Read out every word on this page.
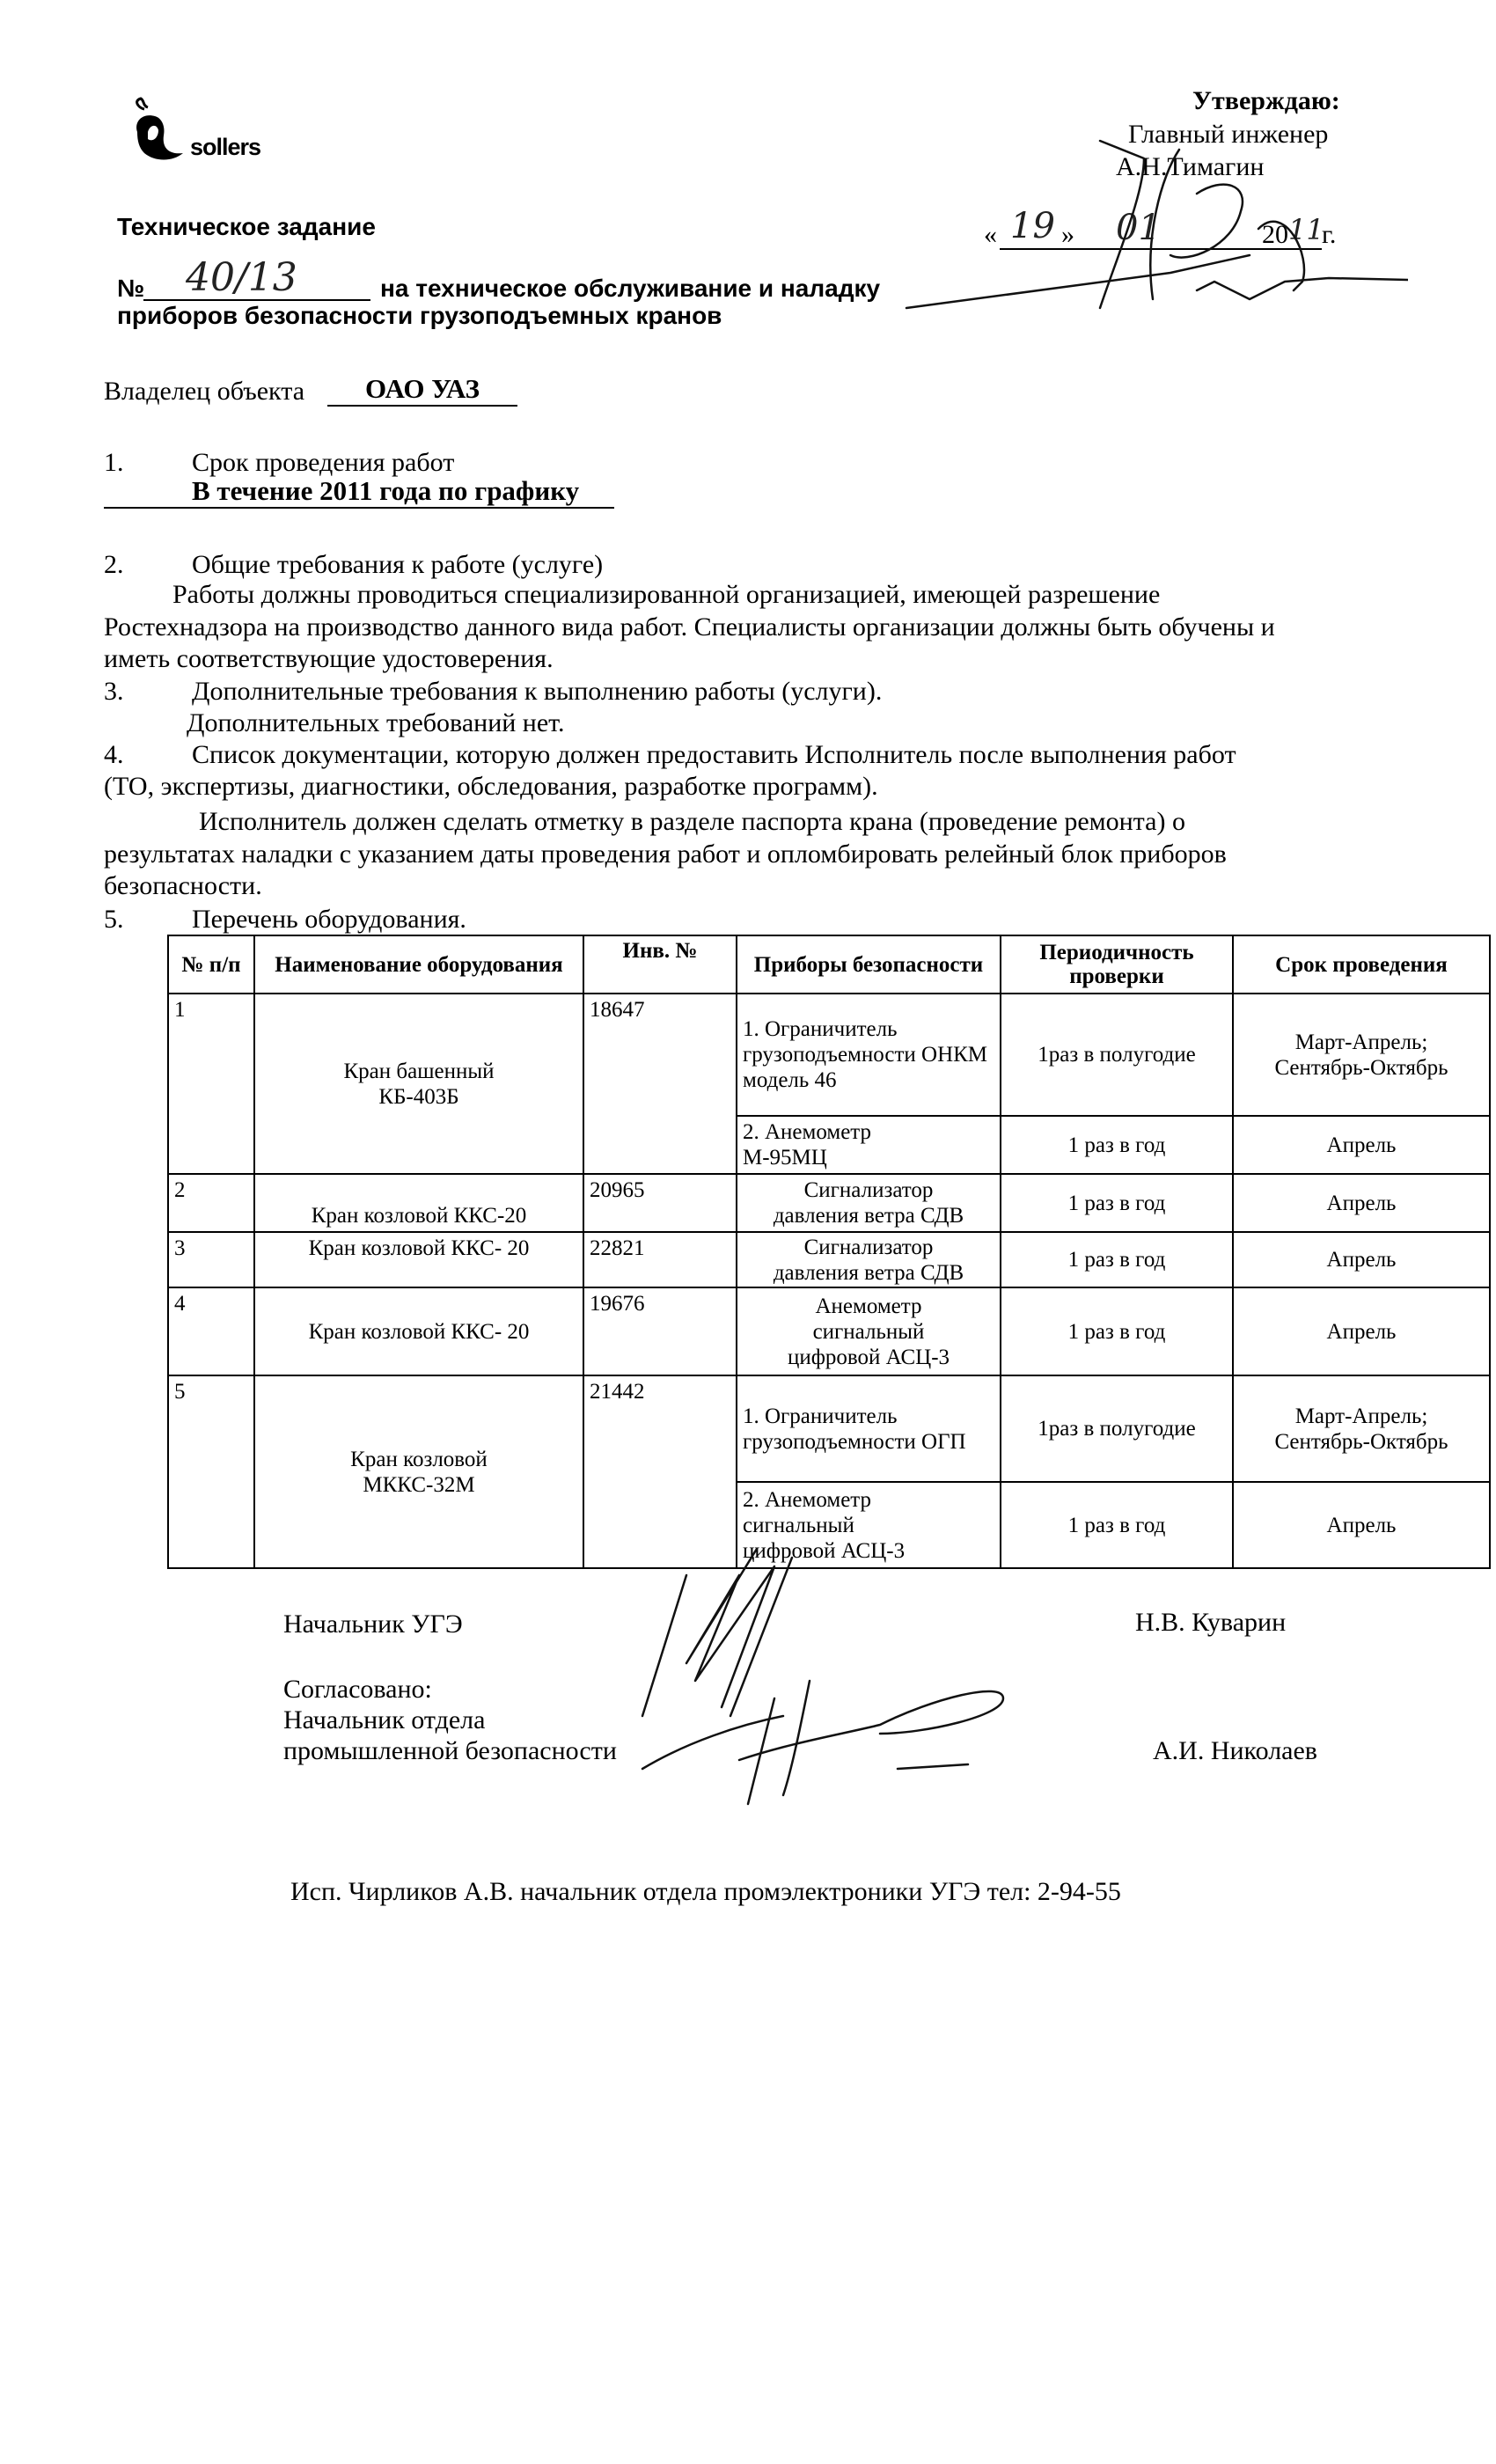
sollers
Утверждаю:
Главный инженер
А.Н.Тимагин
« 19 » 01	20 11
г.
Техническое задание
№ 40/13	на техническое обслуживание и наладку
приборов безопасности грузоподъемных кранов
Владелец объекта	ОАО УАЗ
1.	Срок проведения работ
В течение 2011 года по графику
2.	Общие требования к работе (услуге)
Работы должны проводиться специализированной организацией, имеющей разрешение
Ростехнадзора на производство данного вида работ. Специалисты организации должны быть обучены и
иметь соответствующие удостоверения.
3.	Дополнительные требования к выполнению работы (услуги).
Дополнительных требований нет.
4.	Список документации, которую должен предоставить Исполнитель после выполнения работ
(ТО, экспертизы, диагностики, обследования, разработке программ).
Исполнитель должен сделать отметку в разделе паспорта крана (проведение ремонта) о
результатах наладки с указанием даты проведения работ и опломбировать релейный блок приборов
безопасности.
5.	Перечень оборудования.
№ п/п	Наименование оборудования	Инв. №	Приборы безопасности	Периодичность проверки	Срок проведения
1	Кран башенный КБ-403Б	18647	1. Ограничитель грузоподъемности ОНКМ модель 46	1раз в полугодие	Март-Апрель; Сентябрь-Октябрь
			2. Анемометр М-95МЦ	1 раз в год	Апрель
2	Кран козловой ККС-20	20965	Сигнализатор давления ветра СДВ	1 раз в год	Апрель
3	Кран козловой ККС- 20	22821	Сигнализатор давления ветра СДВ	1 раз в год	Апрель
4	Кран козловой ККС- 20	19676	Анемометр сигнальный цифровой АСЦ-3	1 раз в год	Апрель
5	Кран козловой МККС-32М	21442	1. Ограничитель грузоподъемности ОГП	1раз в полугодие	Март-Апрель; Сентябрь-Октябрь
			2. Анемометр сигнальный цифровой АСЦ-3	1 раз в год	Апрель
Начальник УГЭ	Н.В. Куварин
Согласовано:
Начальник отдела
промышленной безопасности	А.И. Николаев
Исп. Чирликов А.В. начальник отдела промэлектроники УГЭ тел: 2-94-55
